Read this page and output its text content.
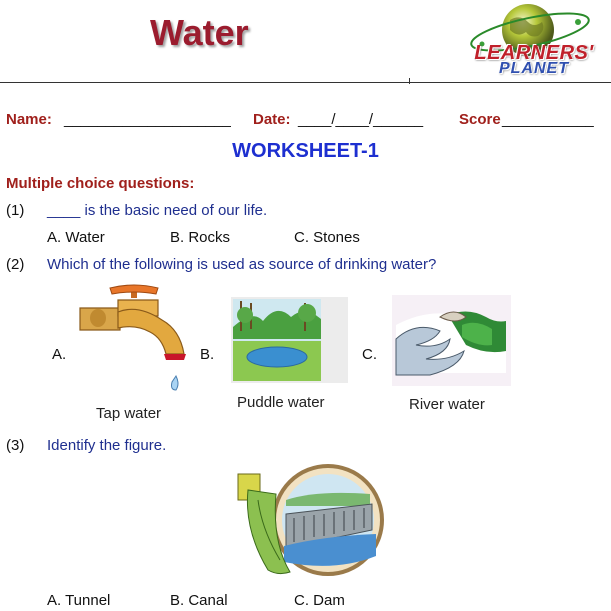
Water	LEARNERS'
PLANET
Name: ____________________ Date: ____/____/______ Score ___________
WORKSHEET-1
Multiple choice questions:
(1) ____ is the basic need of our life.
A. Water	B. Rocks	C. Stones
(2) Which of the following is used as source of drinking water?
A.
Tap water
B.
Puddle water
C.
River water
(3) Identify the figure.
A. Tunnel	B. Canal	C. Dam
